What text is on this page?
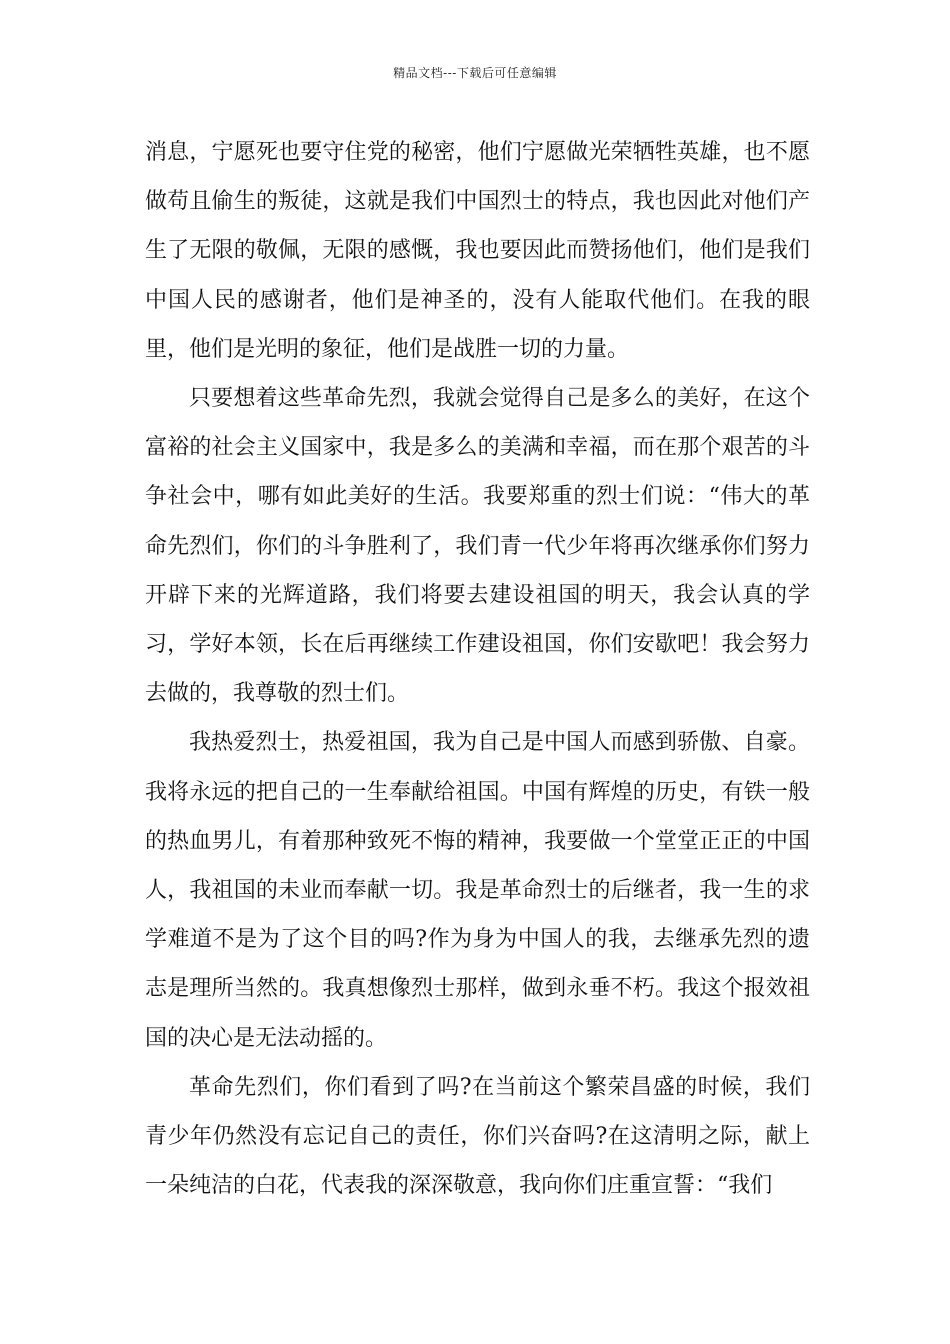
精品文档---下载后可任意编辑

消息，宁愿死也要守住党的秘密，他们宁愿做光荣牺牲英雄，也不愿做苟且偷生的叛徒，这就是我们中国烈士的特点，我也因此对他们产生了无限的敬佩，无限的感慨，我也要因此而赞扬他们，他们是我们中国人民的感谢者，他们是神圣的，没有人能取代他们。在我的眼里，他们是光明的象征，他们是战胜一切的力量。

只要想着这些革命先烈，我就会觉得自己是多么的美好，在这个富裕的社会主义国家中，我是多么的美满和幸福，而在那个艰苦的斗争社会中，哪有如此美好的生活。我要郑重的烈士们说：“伟大的革命先烈们，你们的斗争胜利了，我们青一代少年将再次继承你们努力开辟下来的光辉道路，我们将要去建设祖国的明天，我会认真的学习，学好本领，长在后再继续工作建设祖国，你们安歇吧！我会努力去做的，我尊敬的烈士们。

我热爱烈士，热爱祖国，我为自己是中国人而感到骄傲、自豪。我将永远的把自己的一生奉献给祖国。中国有辉煌的历史，有铁一般的热血男儿，有着那种致死不悔的精神，我要做一个堂堂正正的中国人，我祖国的未业而奉献一切。我是革命烈士的后继者，我一生的求学难道不是为了这个目的吗?作为身为中国人的我，去继承先烈的遗志是理所当然的。我真想像烈士那样，做到永垂不朽。我这个报效祖国的决心是无法动摇的。

革命先烈们，你们看到了吗?在当前这个繁荣昌盛的时候，我们青少年仍然没有忘记自己的责任，你们兴奋吗?在这清明之际，献上一朵纯洁的白花，代表我的深深敬意，我向你们庄重宣誓：“我们
